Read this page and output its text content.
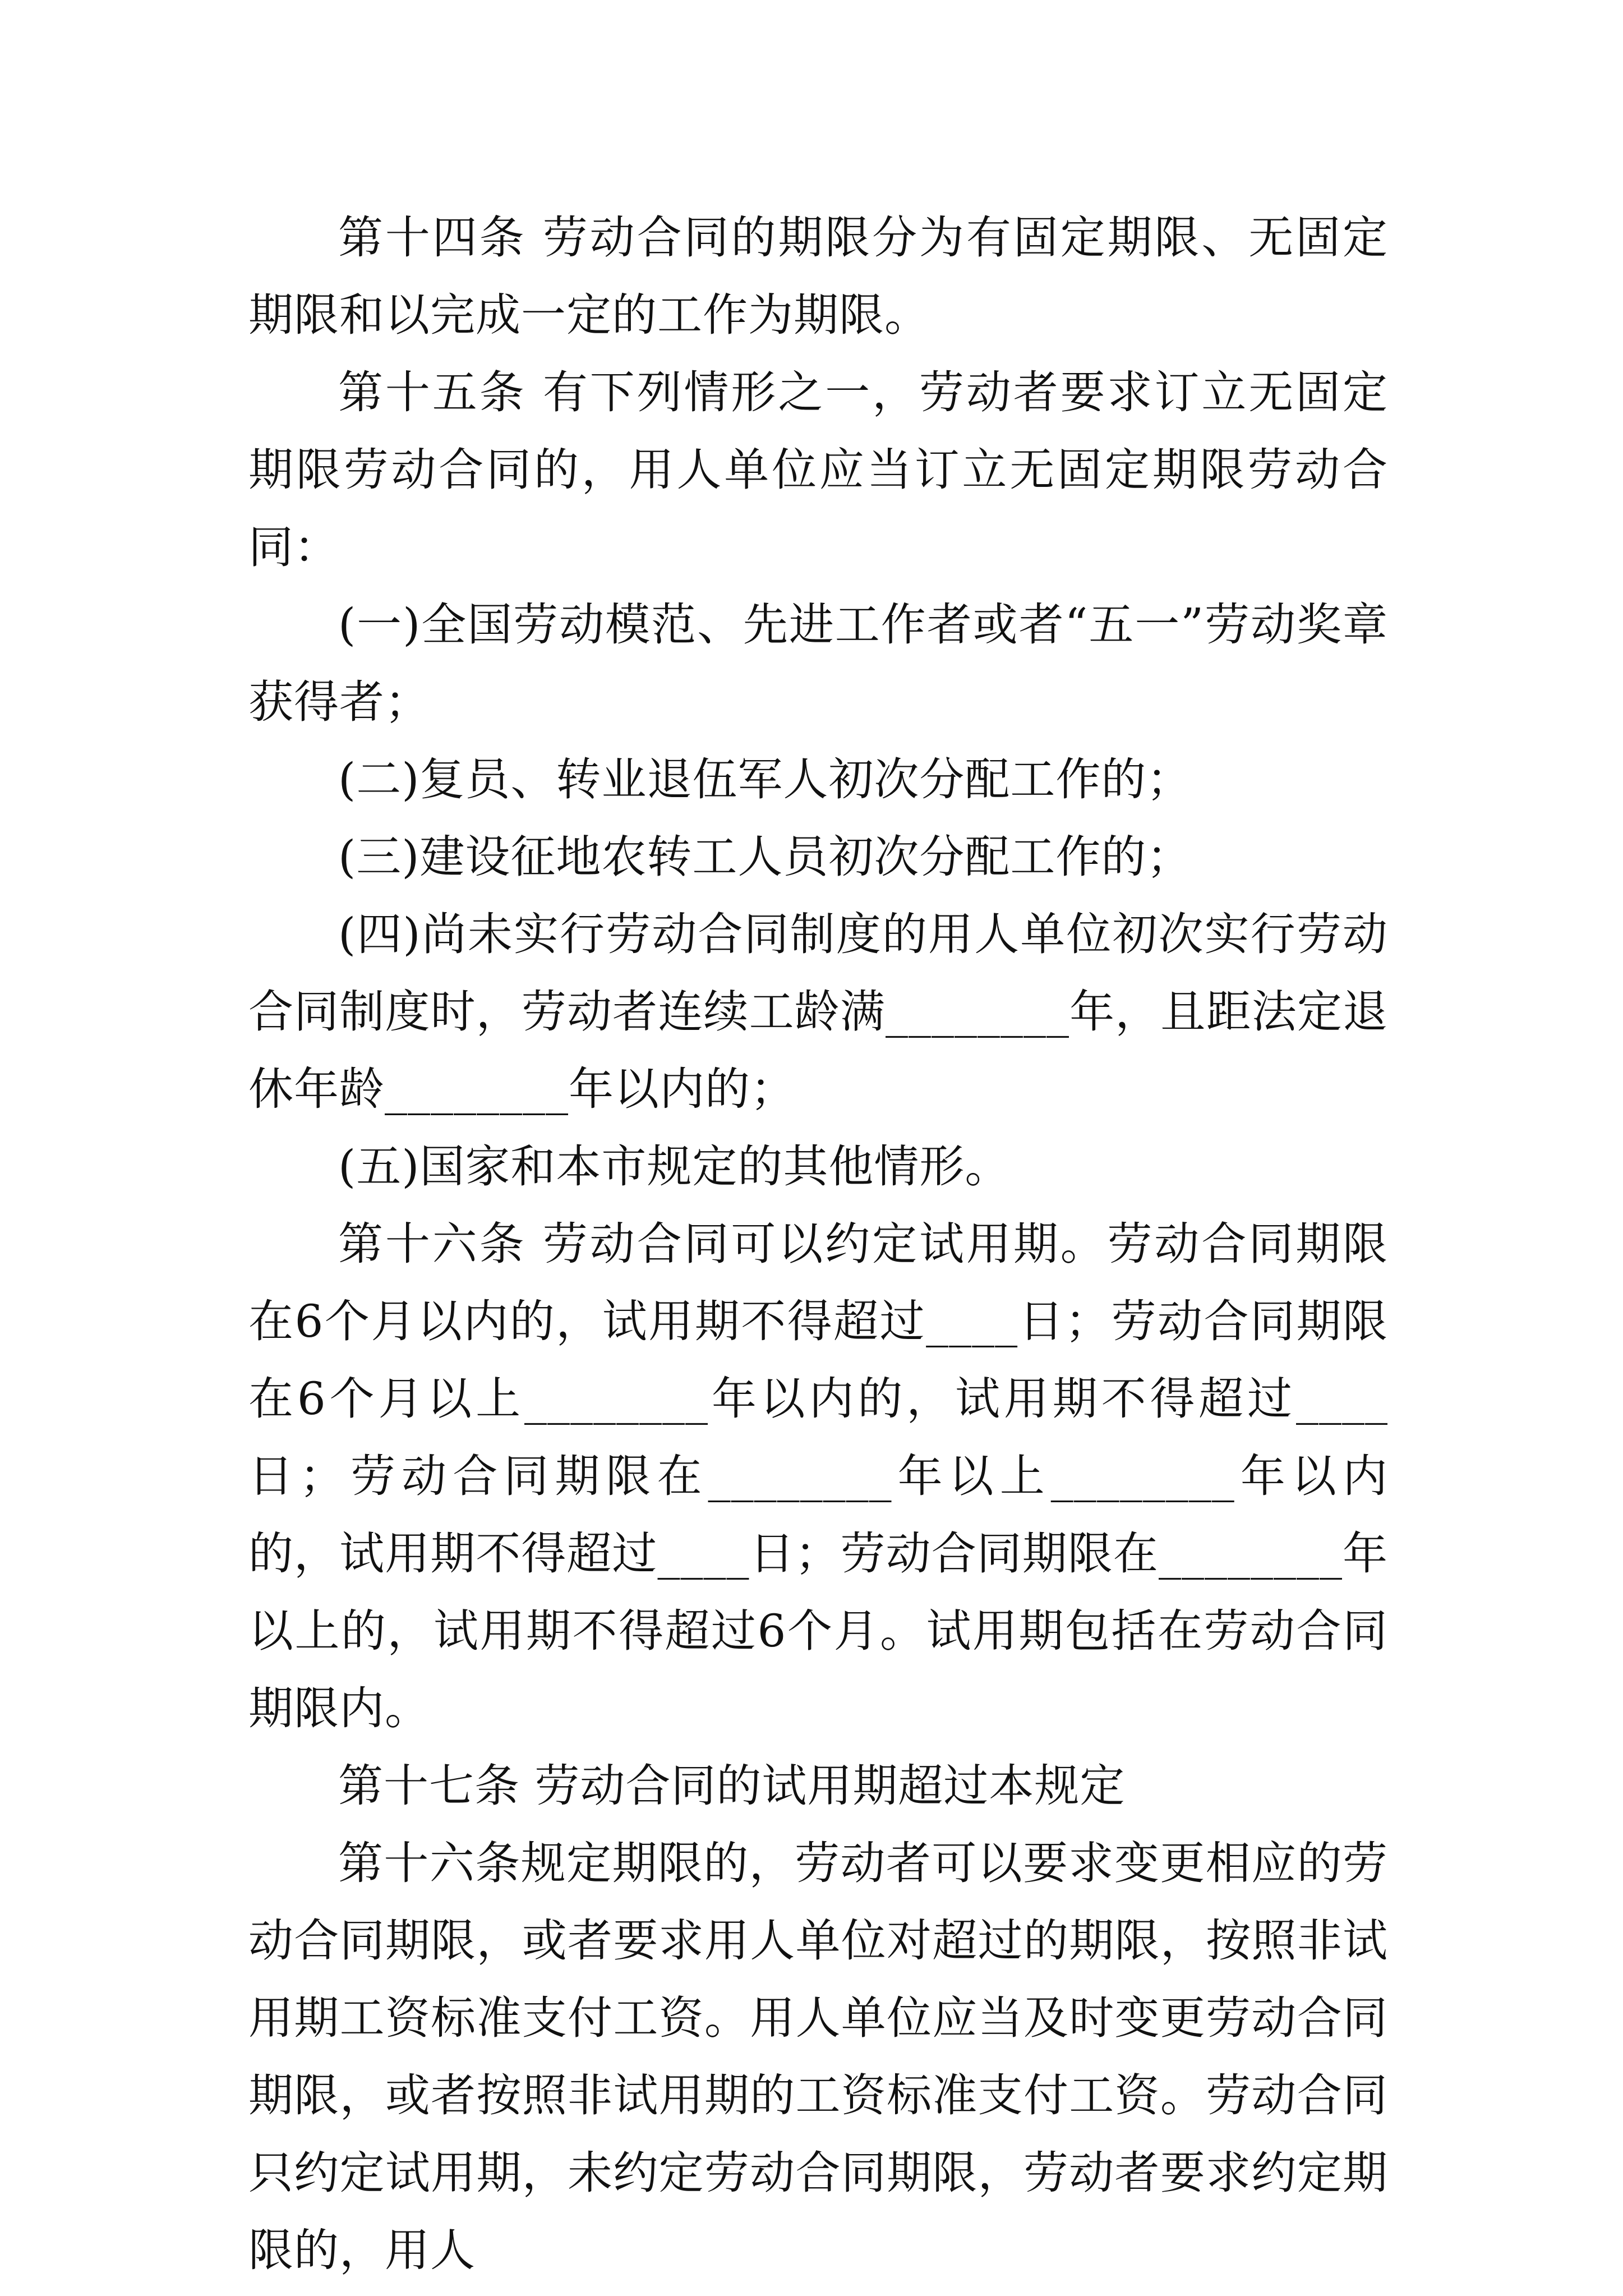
第十四条 劳动合同的期限分为有固定期限、无固定期限和以完成一定的工作为期限。

第十五条 有下列情形之一，劳动者要求订立无固定期限劳动合同的，用人单位应当订立无固定期限劳动合同：

(一)全国劳动模范、先进工作者或者“五一”劳动奖章获得者；

(二)复员、转业退伍军人初次分配工作的；

(三)建设征地农转工人员初次分配工作的；

(四)尚未实行劳动合同制度的用人单位初次实行劳动合同制度时，劳动者连续工龄满________年，且距法定退休年龄________年以内的；

(五)国家和本市规定的其他情形。

第十六条 劳动合同可以约定试用期。劳动合同期限在6个月以内的，试用期不得超过____日；劳动合同期限在6个月以上________年以内的，试用期不得超过____日；劳动合同期限在________年以上________年以内的，试用期不得超过____日；劳动合同期限在________年以上的，试用期不得超过6个月。试用期包括在劳动合同期限内。

第十七条 劳动合同的试用期超过本规定

第十六条规定期限的，劳动者可以要求变更相应的劳动合同期限，或者要求用人单位对超过的期限，按照非试用期工资标准支付工资。用人单位应当及时变更劳动合同期限，或者按照非试用期的工资标准支付工资。劳动合同只约定试用期，未约定劳动合同期限，劳动者要求约定期限的，用人
